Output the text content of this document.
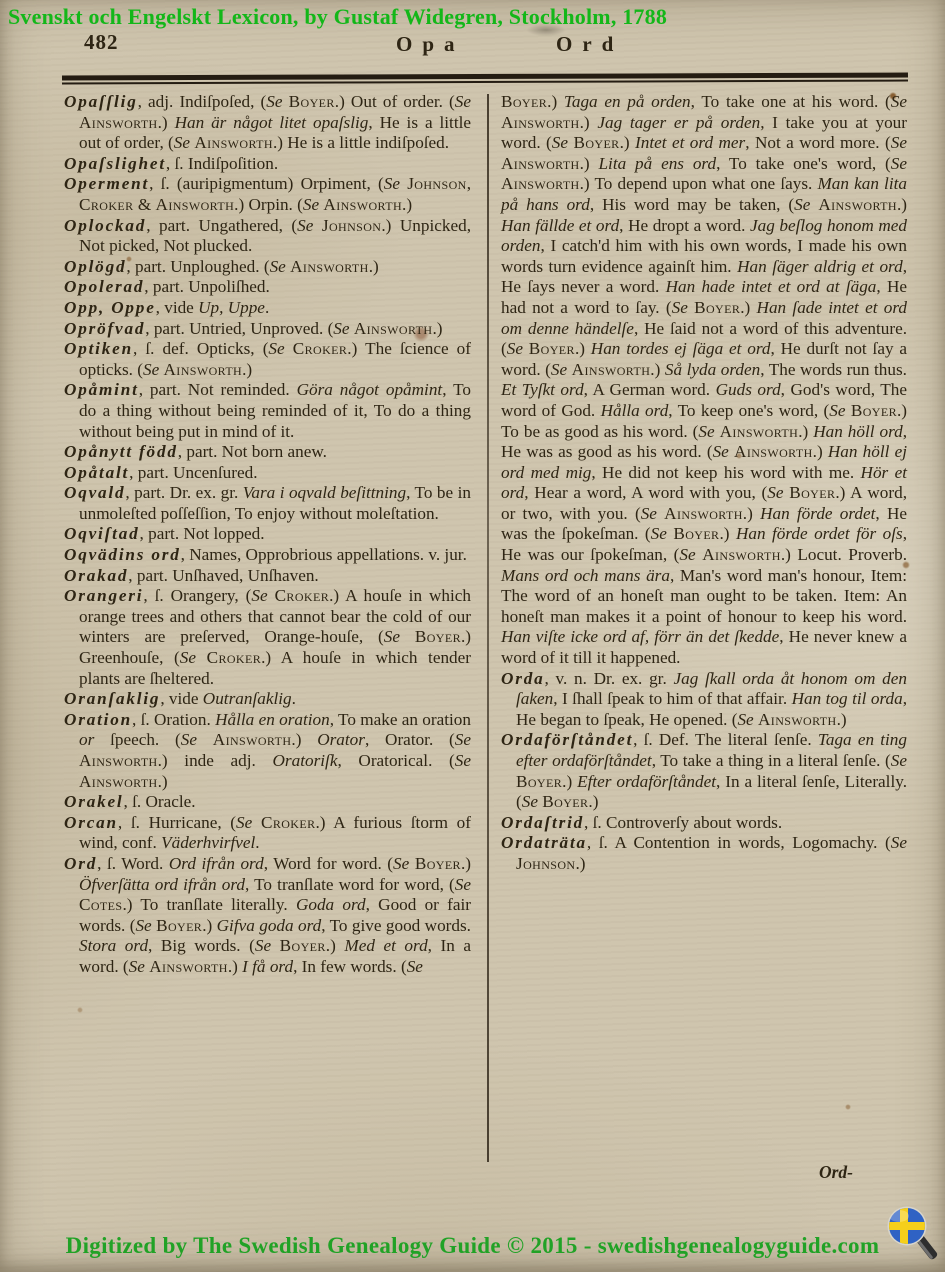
Svenskt och Engelskt Lexicon, by Gustaf Widegren, Stockholm, 1788
482	Opa	Ord

Opaſſlig, adj. Indiſpoſed, (Se Boyer.) Out of order. (Se Ainsworth.) Han är något litet opaſslig, He is a little out of order, (Se Ainsworth.) He is a little indiſpoſed.

Opaſslighet, ſ. Indiſpoſition.

Operment, ſ. (auripigmentum) Orpiment, (Se Johnson, Croker & Ainsworth.) Orpin. (Se Ainsworth.)

Oplockad, part. Ungathered, (Se Johnson.) Unpicked, Not picked, Not plucked.

Oplögd, part. Unploughed. (Se Ainsworth.)

Opolerad, part. Unpoliſhed.

Opp, Oppe, vide Up, Uppe.

Opröfvad, part. Untried, Unproved. (Se Ainsworth.)

Optiken, ſ. def. Opticks, (Se Croker.) The ſcience of opticks. (Se Ainsworth.)

Opåmint, part. Not reminded. Göra något opåmint, To do a thing without being reminded of it, To do a thing without being put in mind of it.

Opånytt född, part. Not born anew.

Opåtalt, part. Uncenſured.

Oqvald, part. Dr. ex. gr. Vara i oqvald beſittning, To be in unmoleſted poſſeſſion, To enjoy without moleſtation.

Oqviſtad, part. Not lopped.

Oqvädins ord, Names, Opprobrious appellations. v. jur.

Orakad, part. Unſhaved, Unſhaven.

Orangeri, ſ. Orangery, (Se Croker.) A houſe in which orange trees and others that cannot bear the cold of our winters are preſerved, Orange-houſe, (Se Boyer.) Greenhouſe, (Se Croker.) A houſe in which tender plants are ſheltered.

Oranſaklig, vide Outranſaklig.

Oration, ſ. Oration. Hålla en oration, To make an oration or ſpeech. (Se Ainsworth.) Orator, Orator. (Se Ainsworth.) inde adj. Oratoriſk, Oratorical. (Se Ainsworth.)

Orakel, ſ. Oracle.

Orcan, ſ. Hurricane, (Se Croker.) A furious ſtorm of wind, conf. Väderhvirfvel.

Ord, ſ. Word. Ord ifrån ord, Word for word. (Se Boyer.) Öfverſätta ord ifrån ord, To tranſlate word for word, (Se Cotes.) To tranſlate literally. Goda ord, Good or fair words. (Se Boyer.) Gifva goda ord, To give good words. Stora ord, Big words. (Se Boyer.) Med et ord, In a word. (Se Ainsworth.) I få ord, In few words. (Se

Boyer.) Taga en på orden, To take one at his word. (Se Ainsworth.) Jag tager er på orden, I take you at your word. (Se Boyer.) Intet et ord mer, Not a word more. (Se Ainsworth.) Lita på ens ord, To take one's word, (Se Ainsworth.) To depend upon what one ſays. Man kan lita på hans ord, His word may be taken, (Se Ainsworth.) Han fällde et ord, He dropt a word. Jag beſlog honom med orden, I catch'd him with his own words, I made his own words turn evidence againſt him. Han ſäger aldrig et ord, He ſays never a word. Han hade intet et ord at ſäga, He had not a word to ſay. (Se Boyer.) Han ſade intet et ord om denne händelſe, He ſaid not a word of this adventure. (Se Boyer.) Han tordes ej ſäga et ord, He durſt not ſay a word. (Se Ainsworth.) Så lyda orden, The words run thus. Et Tyſkt ord, A German word. Guds ord, God's word, The word of God. Hålla ord, To keep one's word, (Se Boyer.) To be as good as his word. (Se Ainsworth.) Han höll ord, He was as good as his word. (Se Ainsworth.) Han höll ej ord med mig, He did not keep his word with me. Hör et ord, Hear a word, A word with you, (Se Boyer.) A word, or two, with you. (Se Ainsworth.) Han förde ordet, He was the ſpokeſman. (Se Boyer.) Han förde ordet för oſs, He was our ſpokeſman, (Se Ainsworth.) Locut. Proverb. Mans ord och mans ära, Man's word man's honour, Item: The word of an honeſt man ought to be taken. Item: An honeſt man makes it a point of honour to keep his word. Han viſte icke ord af, förr än det ſkedde, He never knew a word of it till it happened.

Orda, v. n. Dr. ex. gr. Jag ſkall orda åt honom om den ſaken, I ſhall ſpeak to him of that affair. Han tog til orda, He began to ſpeak, He opened. (Se Ainsworth.)

Ordaförſtåndet, ſ. Def. The literal ſenſe. Taga en ting efter ordaförſtåndet, To take a thing in a literal ſenſe. (Se Boyer.) Efter ordaförſtåndet, In a literal ſenſe, Literally. (Se Boyer.)

Ordaſtrid, ſ. Controverſy about words.

Ordaträta, ſ. A Contention in words, Logomachy. (Se Johnson.)

Ord-
Digitized by The Swedish Genealogy Guide © 2015 - swedishgenealogyguide.com
